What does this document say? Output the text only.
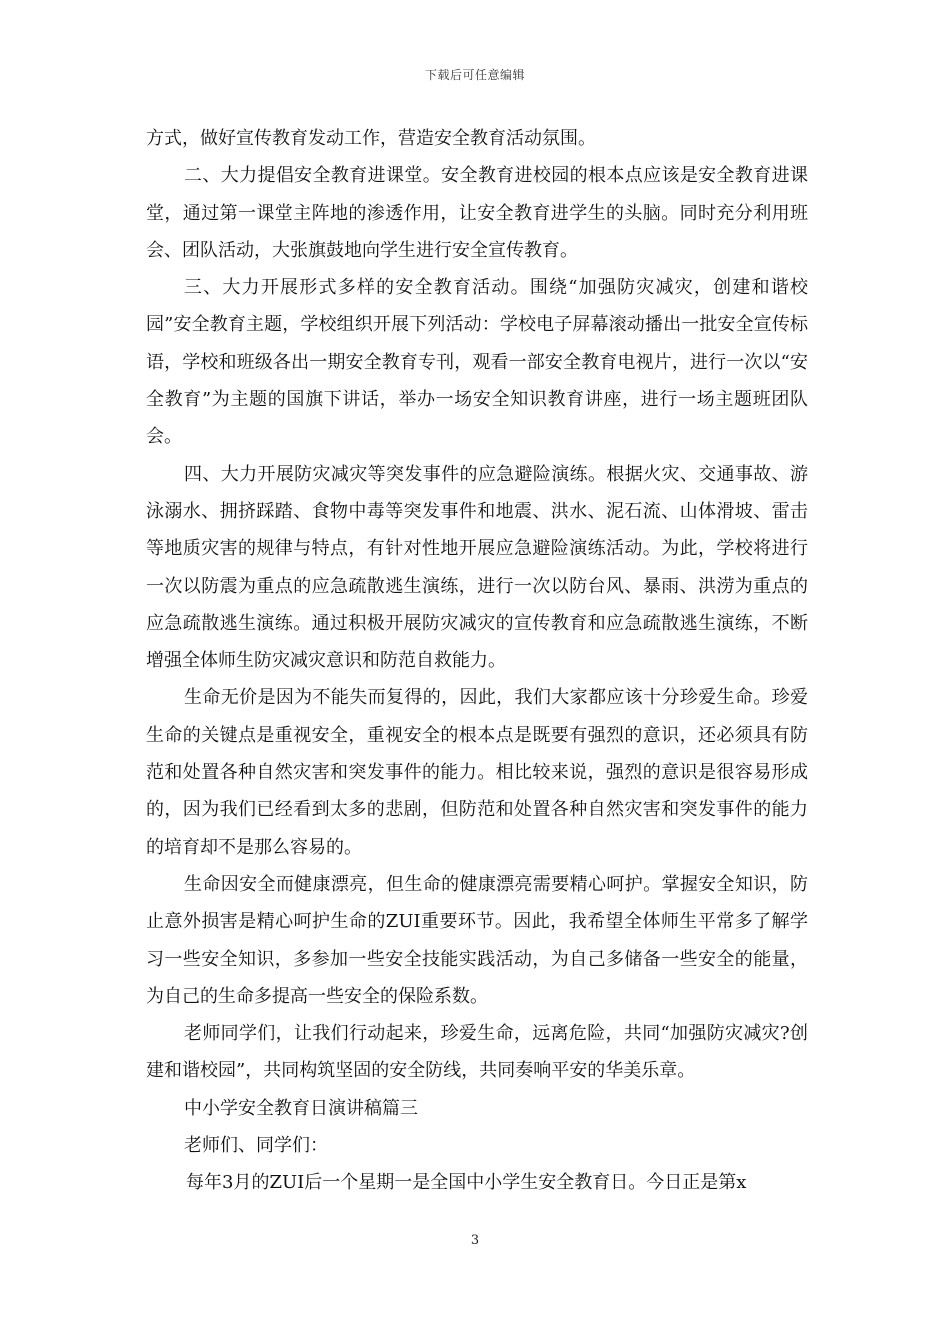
下载后可任意编辑

方式，做好宣传教育发动工作，营造安全教育活动氛围。

二、大力提倡安全教育进课堂。安全教育进校园的根本点应该是安全教育进课堂，通过第一课堂主阵地的渗透作用，让安全教育进学生的头脑。同时充分利用班会、团队活动，大张旗鼓地向学生进行安全宣传教育。

三、大力开展形式多样的安全教育活动。围绕“加强防灾减灾，创建和谐校园”安全教育主题，学校组织开展下列活动：学校电子屏幕滚动播出一批安全宣传标语，学校和班级各出一期安全教育专刊，观看一部安全教育电视片，进行一次以“安全教育”为主题的国旗下讲话，举办一场安全知识教育讲座，进行一场主题班团队会。

四、大力开展防灾减灾等突发事件的应急避险演练。根据火灾、交通事故、游泳溺水、拥挤踩踏、食物中毒等突发事件和地震、洪水、泥石流、山体滑坡、雷击等地质灾害的规律与特点，有针对性地开展应急避险演练活动。为此，学校将进行一次以防震为重点的应急疏散逃生演练，进行一次以防台风、暴雨、洪涝为重点的应急疏散逃生演练。通过积极开展防灾减灾的宣传教育和应急疏散逃生演练，不断增强全体师生防灾减灾意识和防范自救能力。

生命无价是因为不能失而复得的，因此，我们大家都应该十分珍爱生命。珍爱生命的关键点是重视安全，重视安全的根本点是既要有强烈的意识，还必须具有防范和处置各种自然灾害和突发事件的能力。相比较来说，强烈的意识是很容易形成的，因为我们已经看到太多的悲剧，但防范和处置各种自然灾害和突发事件的能力的培育却不是那么容易的。

生命因安全而健康漂亮，但生命的健康漂亮需要精心呵护。掌握安全知识，防止意外损害是精心呵护生命的ZUI重要环节。因此，我希望全体师生平常多了解学习一些安全知识，多参加一些安全技能实践活动，为自己多储备一些安全的能量，为自己的生命多提高一些安全的保险系数。

老师同学们，让我们行动起来，珍爱生命，远离危险，共同“加强防灾减灾?创建和谐校园”，共同构筑坚固的安全防线，共同奏响平安的华美乐章。

中小学安全教育日演讲稿篇三

老师们、同学们：

每年3月的ZUI后一个星期一是全国中小学生安全教育日。今日正是第x

3
